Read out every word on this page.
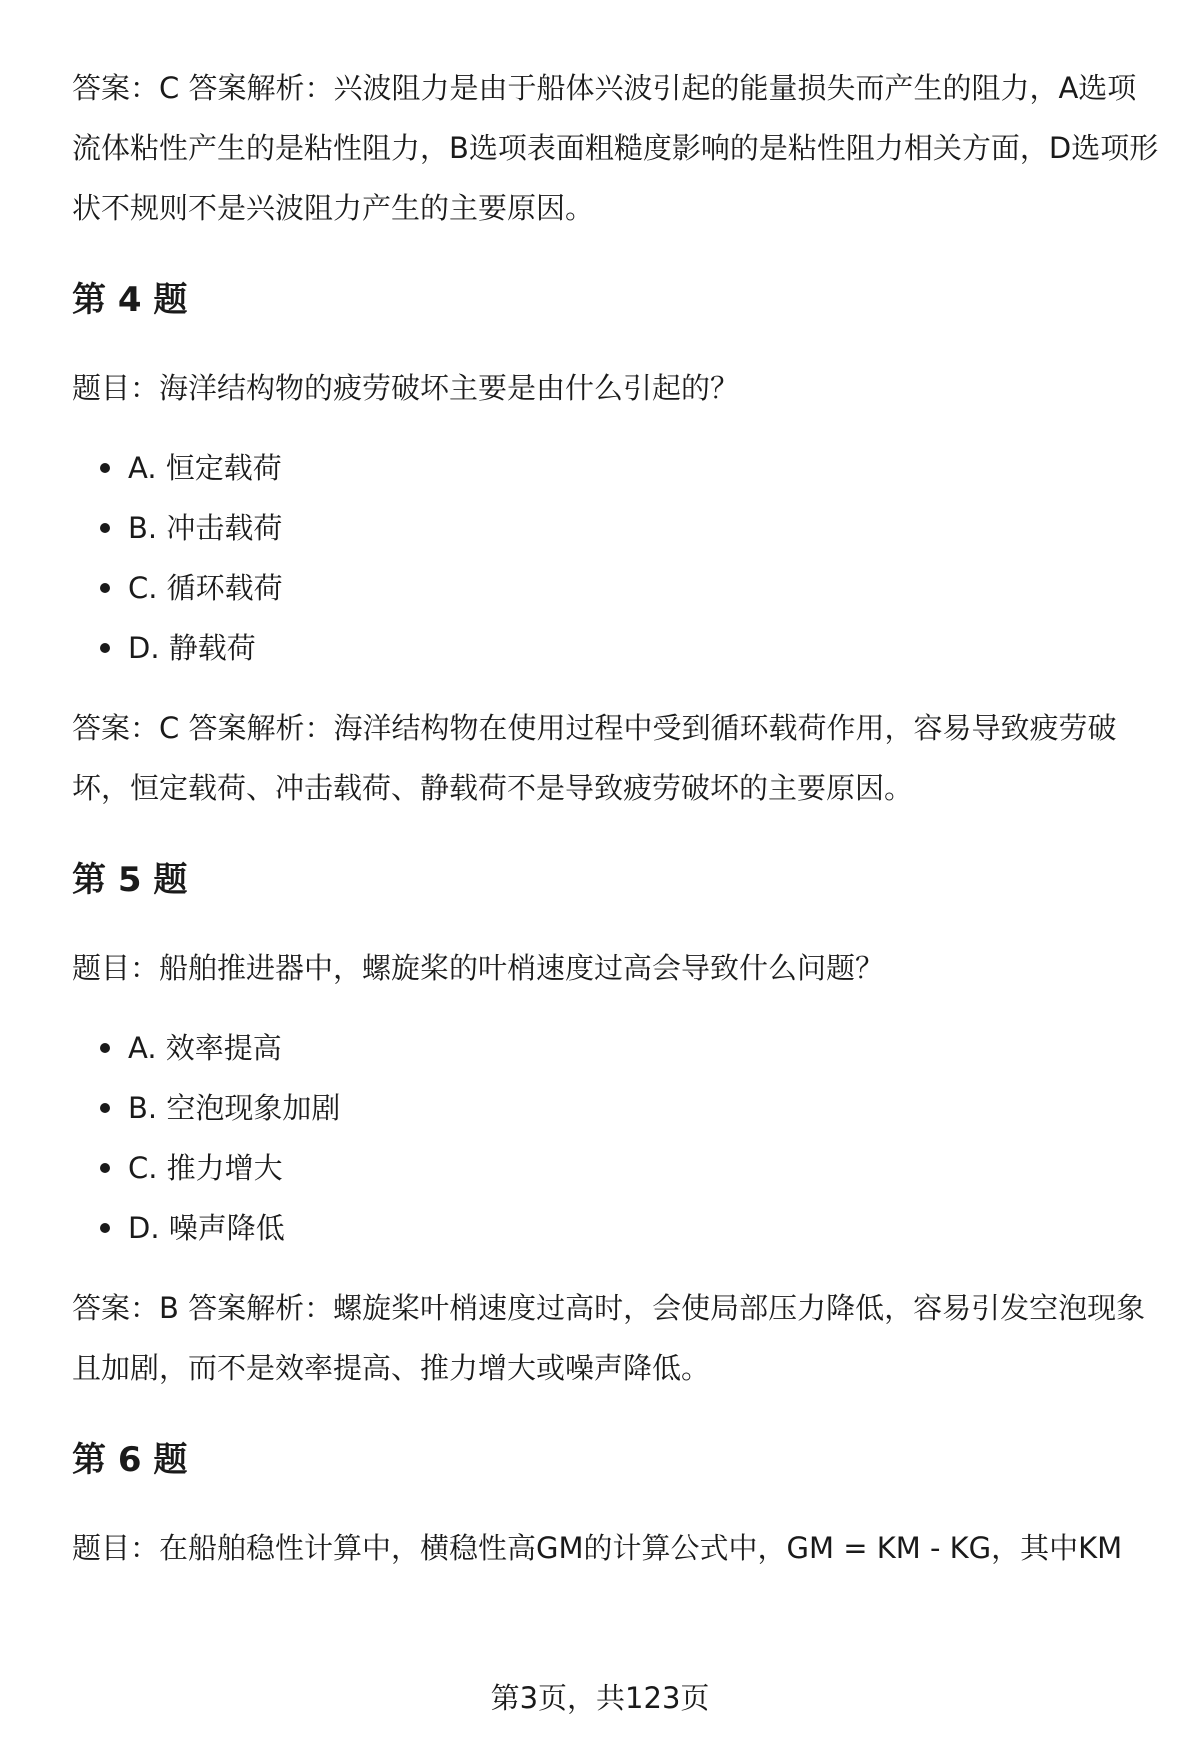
答案：C 答案解析：兴波阻力是由于船体兴波引起的能量损失而产生的阻力，A选项流体粘性产生的是粘性阻力，B选项表面粗糙度影响的是粘性阻力相关方面，D选项形状不规则不是兴波阻力产生的主要原因。

第 4 题

题目：海洋结构物的疲劳破坏主要是由什么引起的？

A. 恒定载荷
B. 冲击载荷
C. 循环载荷
D. 静载荷

答案：C 答案解析：海洋结构物在使用过程中受到循环载荷作用，容易导致疲劳破坏，恒定载荷、冲击载荷、静载荷不是导致疲劳破坏的主要原因。

第 5 题

题目：船舶推进器中，螺旋桨的叶梢速度过高会导致什么问题？

A. 效率提高
B. 空泡现象加剧
C. 推力增大
D. 噪声降低

答案：B 答案解析：螺旋桨叶梢速度过高时，会使局部压力降低，容易引发空泡现象且加剧，而不是效率提高、推力增大或噪声降低。

第 6 题

题目：在船舶稳性计算中，横稳性高GM的计算公式中，GM = KM - KG，其中KM

第3页，共123页
